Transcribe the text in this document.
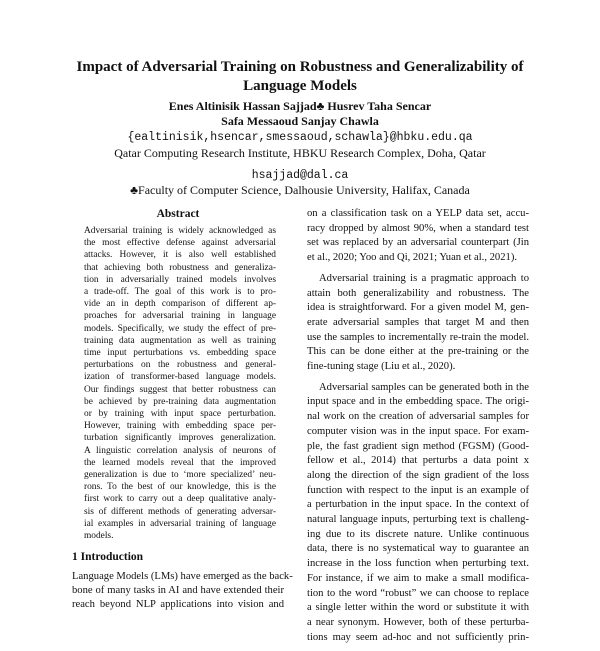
Impact of Adversarial Training on Robustness and Generalizability of
Language Models
Enes Altinisik Hassan Sajjad♣ Husrev Taha Sencar
Safa Messaoud Sanjay Chawla
{ealtinisik,hsencar,smessaoud,schawla}@hbku.edu.qa
Qatar Computing Research Institute, HBKU Research Complex, Doha, Qatar
hsajjad@dal.ca
♣Faculty of Computer Science, Dalhousie University, Halifax, Canada
Abstract
Adversarial training is widely acknowledged as
the most effective defense against adversarial
attacks. However, it is also well established
that achieving both robustness and generaliza-
tion in adversarially trained models involves
a trade-off. The goal of this work is to pro-
vide an in depth comparison of different ap-
proaches for adversarial training in language
models. Specifically, we study the effect of pre-
training data augmentation as well as training
time input perturbations vs. embedding space
perturbations on the robustness and general-
ization of transformer-based language models.
Our findings suggest that better robustness can
be achieved by pre-training data augmentation
or by training with input space perturbation.
However, training with embedding space per-
turbation significantly improves generalization.
A linguistic correlation analysis of neurons of
the learned models reveal that the improved
generalization is due to ‘more specialized’ neu-
rons. To the best of our knowledge, this is the
first work to carry out a deep qualitative analy-
sis of different methods of generating adversar-
ial examples in adversarial training of language
models.
1 Introduction
Language Models (LMs) have emerged as the back-
bone of many tasks in AI and have extended their
reach beyond NLP applications into vision and

on a classification task on a YELP data set, accu-
racy dropped by almost 90%, when a standard test
set was replaced by an adversarial counterpart (Jin
et al., 2020; Yoo and Qi, 2021; Yuan et al., 2021).

Adversarial training is a pragmatic approach to
attain both generalizability and robustness. The
idea is straightforward. For a given model M, gen-
erate adversarial samples that target M and then
use the samples to incrementally re-train the model.
This can be done either at the pre-training or the
fine-tuning stage (Liu et al., 2020).

Adversarial samples can be generated both in the
input space and in the embedding space. The origi-
nal work on the creation of adversarial samples for
computer vision was in the input space. For exam-
ple, the fast gradient sign method (FGSM) (Good-
fellow et al., 2014) that perturbs a data point x
along the direction of the sign gradient of the loss
function with respect to the input is an example of
a perturbation in the input space. In the context of
natural language inputs, perturbing text is challeng-
ing due to its discrete nature. Unlike continuous
data, there is no systematical way to guarantee an
increase in the loss function when perturbing text.
For instance, if we aim to make a small modifica-
tion to the word “robust” we can choose to replace
a single letter within the word or substitute it with
a near synonym. However, both of these perturba-
tions may seem ad-hoc and not sufficiently prin-
